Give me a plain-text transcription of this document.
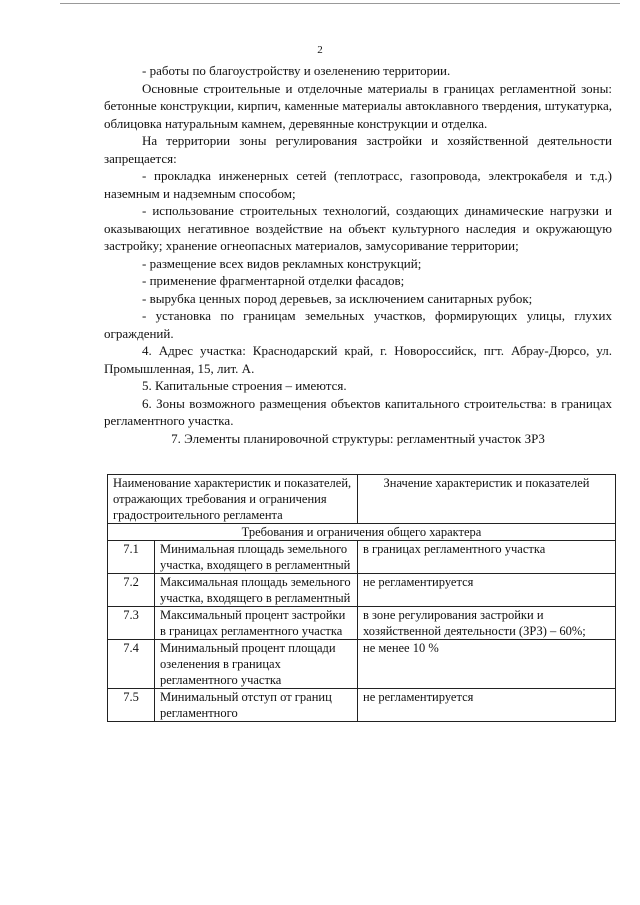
2

- работы по благоустройству и озеленению территории.

Основные строительные и отделочные материалы в границах регламентной зоны: бетонные конструкции, кирпич, каменные материалы автоклавного твердения, штукатурка, облицовка натуральным камнем, деревянные конструкции и отделка.

На территории зоны регулирования застройки и хозяйственной деятельности запрещается:

- прокладка инженерных сетей (теплотрасс, газопровода, электрокабеля и т.д.) наземным и надземным способом;

- использование строительных технологий, создающих динамические нагрузки и оказывающих негативное воздействие на объект культурного наследия и окружающую застройку; хранение огнеопасных материалов, замусоривание территории;

- размещение всех видов рекламных конструкций;

- применение фрагментарной отделки фасадов;

- вырубка ценных пород деревьев, за исключением санитарных рубок;

- установка по границам земельных участков, формирующих улицы, глухих ограждений.

4. Адрес участка: Краснодарский край, г. Новороссийск, пгт. Абрау-Дюрсо, ул. Промышленная, 15, лит. А.

5. Капитальные строения – имеются.

6. Зоны возможного размещения объектов капитального строительства: в границах регламентного участка.

7. Элементы планировочной структуры: регламентный участок ЗР3

Наименование характеристик и показателей, отражающих требования и ограничения градостроительного регламента		Значение характеристик и показателей
Требования и ограничения общего характера		
7.1	Минимальная площадь земельного участка, входящего в регламентный	в границах регламентного участка
7.2	Максимальная площадь земельного участка, входящего в регламентный	не регламентируется
7.3	Максимальный процент застройки в границах регламентного участка	в зоне регулирования застройки и хозяйственной деятельности (ЗРЗ) – 60%;
7.4	Минимальный процент площади озеленения в границах регламентного участка	не менее 10 %
7.5	Минимальный отступ от границ регламентного	не регламентируется
